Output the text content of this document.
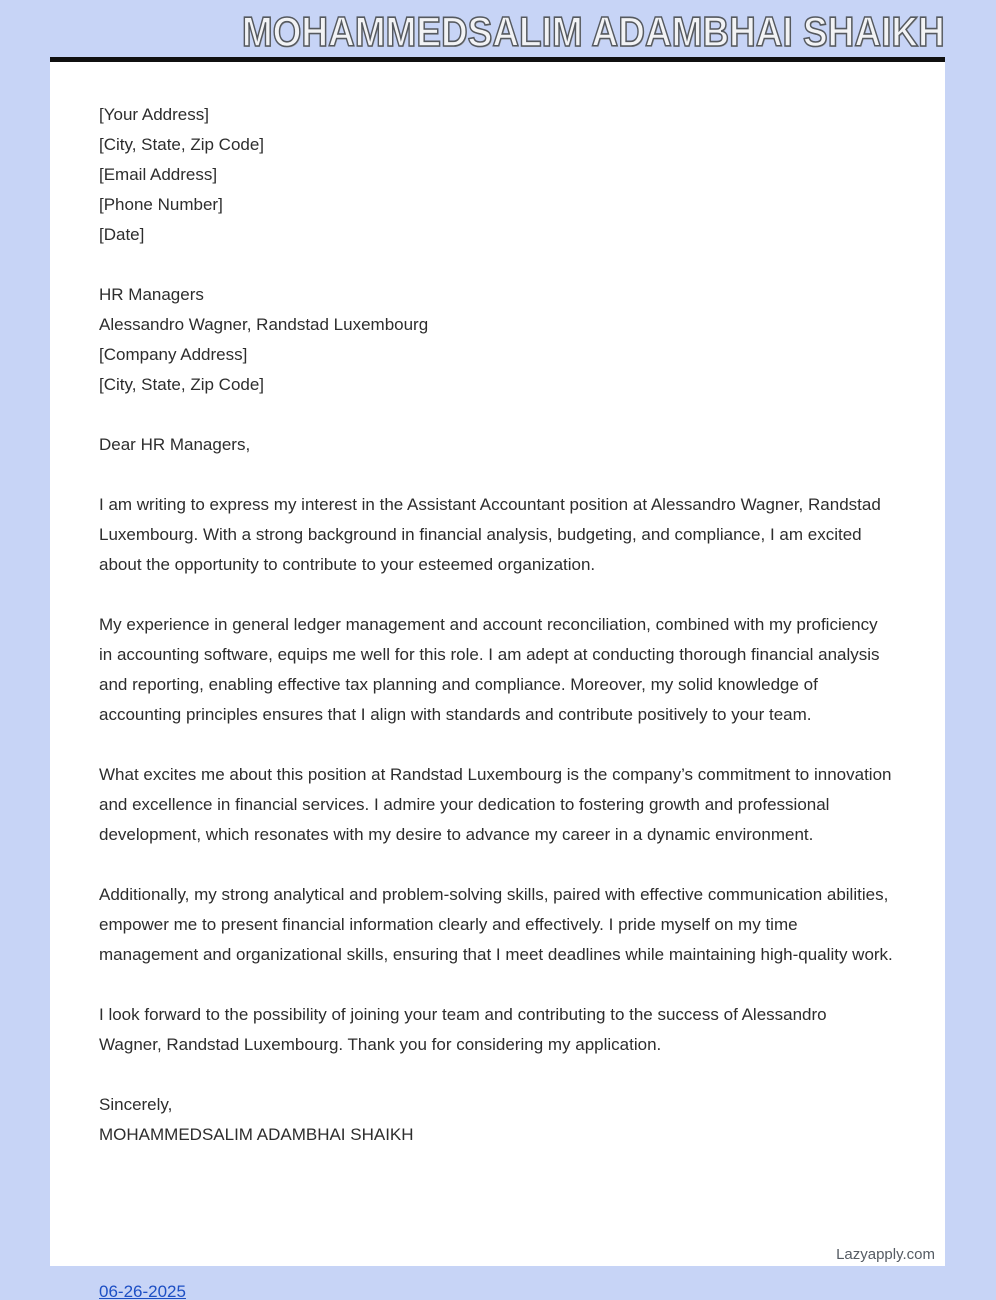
MOHAMMEDSALIM ADAMBHAI SHAIKH
[Your Address]
[City, State, Zip Code]
[Email Address]
[Phone Number]
[Date]
HR Managers
Alessandro Wagner, Randstad Luxembourg
[Company Address]
[City, State, Zip Code]
Dear HR Managers,

I am writing to express my interest in the Assistant Accountant position at Alessandro Wagner, Randstad Luxembourg. With a strong background in financial analysis, budgeting, and compliance, I am excited about the opportunity to contribute to your esteemed organization.

My experience in general ledger management and account reconciliation, combined with my proficiency in accounting software, equips me well for this role. I am adept at conducting thorough financial analysis and reporting, enabling effective tax planning and compliance. Moreover, my solid knowledge of accounting principles ensures that I align with standards and contribute positively to your team.

What excites me about this position at Randstad Luxembourg is the company’s commitment to innovation and excellence in financial services. I admire your dedication to fostering growth and professional development, which resonates with my desire to advance my career in a dynamic environment.

Additionally, my strong analytical and problem-solving skills, paired with effective communication abilities, empower me to present financial information clearly and effectively. I pride myself on my time management and organizational skills, ensuring that I meet deadlines while maintaining high-quality work.

I look forward to the possibility of joining your team and contributing to the success of Alessandro Wagner, Randstad Luxembourg. Thank you for considering my application.

Sincerely,
MOHAMMEDSALIM ADAMBHAI SHAIKH
Lazyapply.com
06-26-2025
